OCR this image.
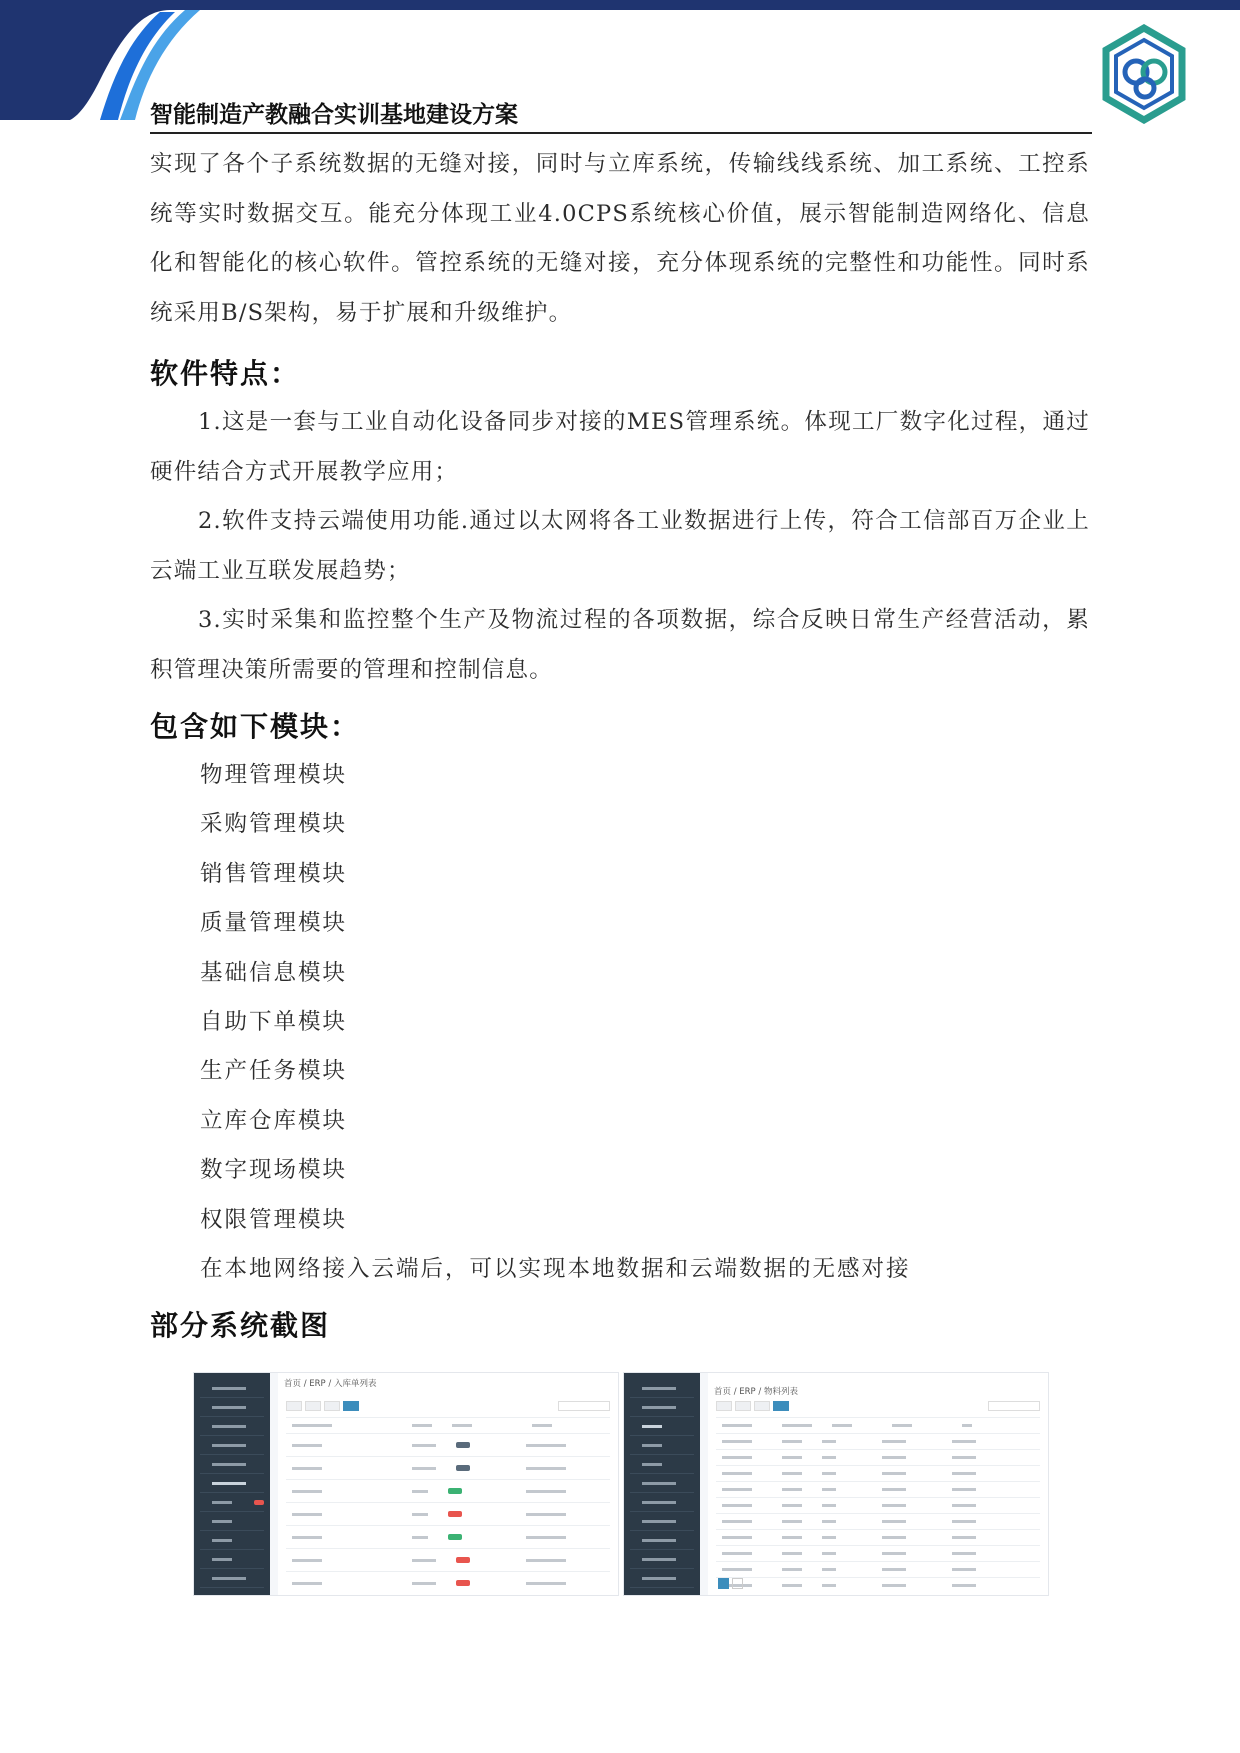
智能制造产教融合实训基地建设方案

实现了各个子系统数据的无缝对接，同时与立库系统，传输线线系统、加工系统、工控系统等实时数据交互。能充分体现工业4.0CPS系统核心价值，展示智能制造网络化、信息化和智能化的核心软件。管控系统的无缝对接，充分体现系统的完整性和功能性。同时系统采用B/S架构，易于扩展和升级维护。

软件特点：

1.这是一套与工业自动化设备同步对接的MES管理系统。体现工厂数字化过程，通过硬件结合方式开展教学应用；

2.软件支持云端使用功能.通过以太网将各工业数据进行上传，符合工信部百万企业上云端工业互联发展趋势；

3.实时采集和监控整个生产及物流过程的各项数据，综合反映日常生产经营活动，累积管理决策所需要的管理和控制信息。

包含如下模块：
物理管理模块
采购管理模块
销售管理模块
质量管理模块
基础信息模块
自助下单模块
生产任务模块
立库仓库模块
数字现场模块
权限管理模块
在本地网络接入云端后，可以实现本地数据和云端数据的无感对接
部分系统截图
首页 / ERP / 入库单列表
首页 / ERP / 物料列表
